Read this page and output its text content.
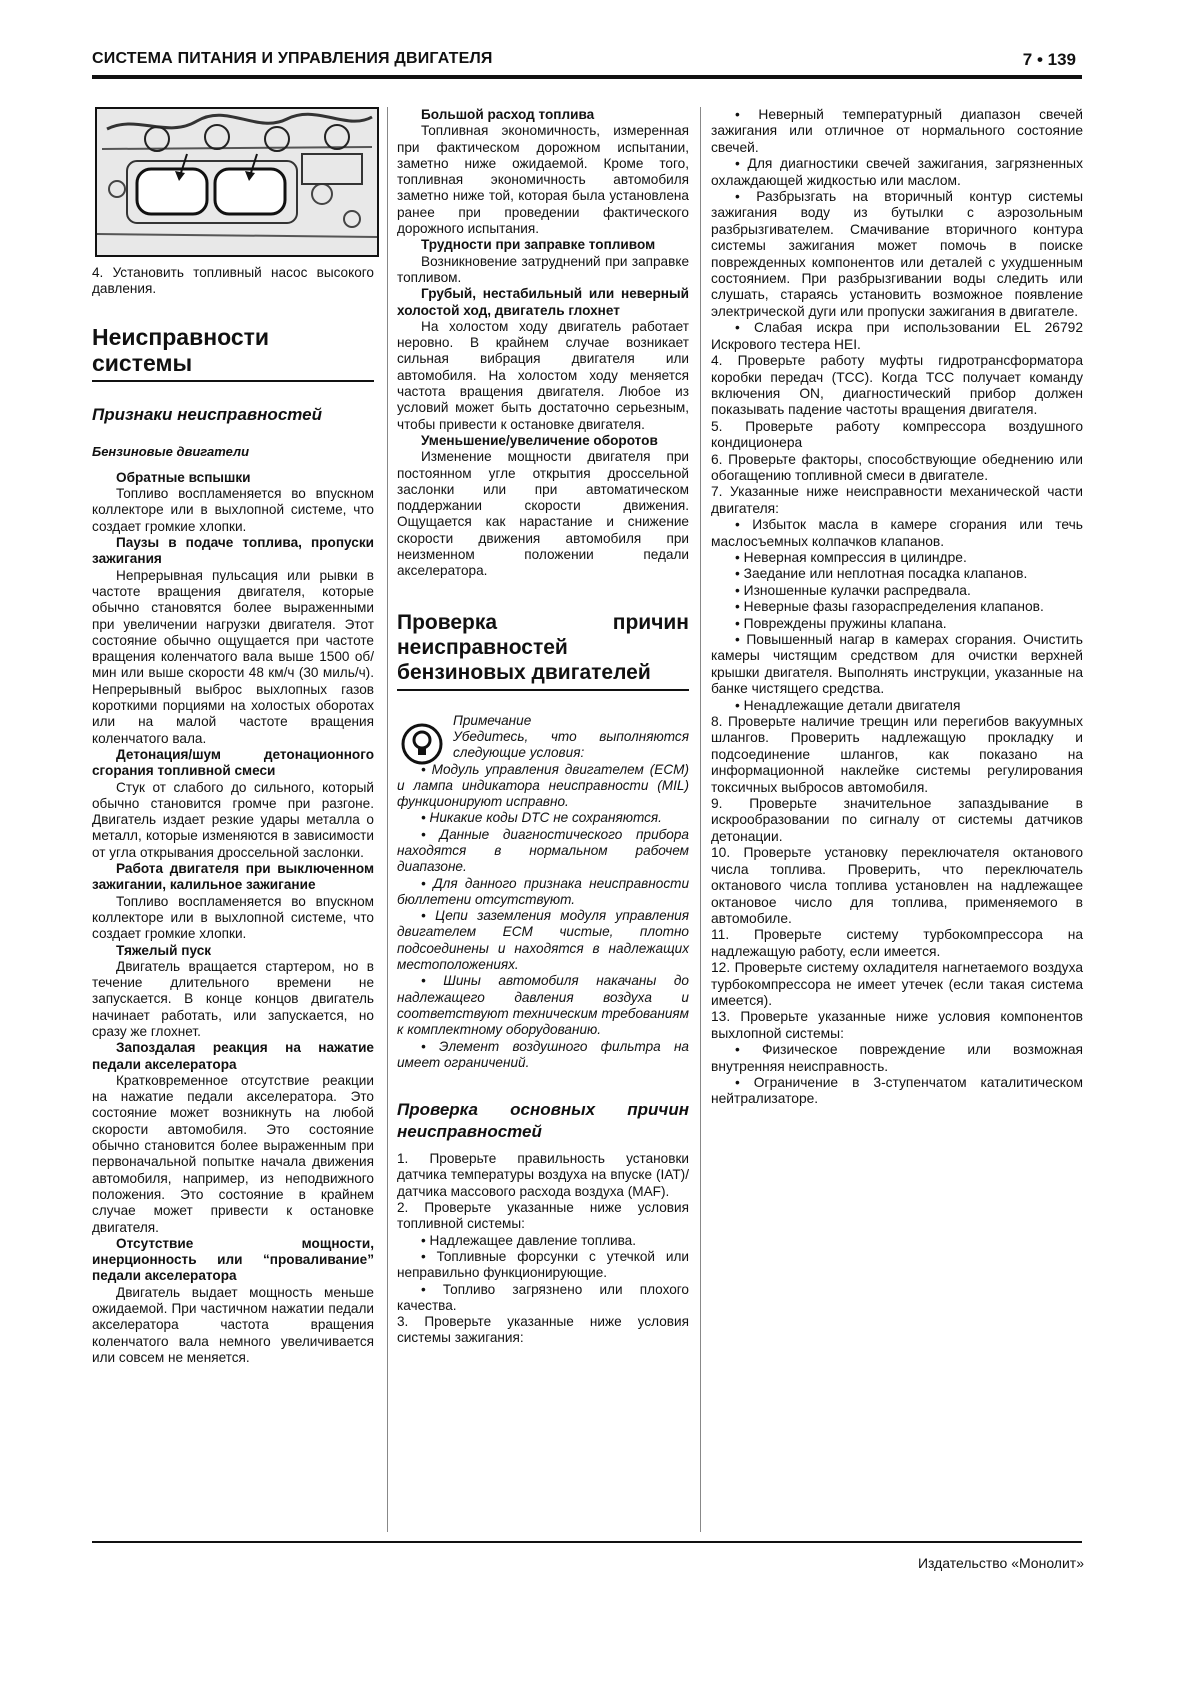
СИСТЕМА ПИТАНИЯ И УПРАВЛЕНИЯ ДВИГАТЕЛЯ	7 • 139

4. Установить топливный насос высокого давления.

Неисправности системы

Признаки неисправностей

Бензиновые двигатели

Обратные вспышки

Топливо воспламеняется во впускном коллекторе или в выхлопной системе, что создает громкие хлопки.

Паузы в подаче топлива, пропуски зажигания

Непрерывная пульсация или рывки в частоте вращения двигателя, которые обычно становятся более выраженными при увеличении нагрузки двигателя. Этот состояние обычно ощущается при частоте вращения коленчатого вала выше 1500 об/мин или выше скорости 48 км/ч (30 миль/ч). Непрерывный выброс выхлопных газов короткими порциями на холостых оборотах или на малой частоте вращения коленчатого вала.

Детонация/шум детонационного сгорания топливной смеси

Стук от слабого до сильного, который обычно становится громче при разгоне. Двигатель издает резкие удары металла о металл, которые изменяются в зависимости от угла открывания дроссельной заслонки.

Работа двигателя при выключенном зажигании, калильное зажигание

Топливо воспламеняется во впускном коллекторе или в выхлопной системе, что создает громкие хлопки.

Тяжелый пуск

Двигатель вращается стартером, но в течение длительного времени не запускается. В конце концов двигатель начинает работать, или запускается, но сразу же глохнет.

Запоздалая реакция на нажатие педали акселератора

Кратковременное отсутствие реакции на нажатие педали акселератора. Это состояние может возникнуть на любой скорости автомобиля. Это состояние обычно становится более выраженным при первоначальной попытке начала движения автомобиля, например, из неподвижного положения. Это состояние в крайнем случае может привести к остановке двигателя.

Отсутствие мощности, инерционность или “проваливание” педали акселератора

Двигатель выдает мощность меньше ожидаемой. При частичном нажатии педали акселератора частота вращения коленчатого вала немного увеличивается или совсем не меняется.

Большой расход топлива

Топливная экономичность, измеренная при фактическом дорожном испытании, заметно ниже ожидаемой. Кроме того, топливная экономичность автомобиля заметно ниже той, которая была установлена ранее при проведении фактического дорожного испытания.

Трудности при заправке топливом

Возникновение затруднений при заправке топливом.

Грубый, нестабильный или неверный холостой ход, двигатель глохнет

На холостом ходу двигатель работает неровно. В крайнем случае возникает сильная вибрация двигателя или автомобиля. На холостом ходу меняется частота вращения двигателя. Любое из условий может быть достаточно серьезным, чтобы привести к остановке двигателя.

Уменьшение/увеличение оборотов

Изменение мощности двигателя при постоянном угле открытия дроссельной заслонки или при автоматическом поддержании скорости движения. Ощущается как нарастание и снижение скорости движения автомобиля при неизменном положении педали акселератора.

Проверка причин неисправностей бензиновых двигателей

Примечание

Убедитесь, что выполняются следующие условия:

• Модуль управления двигателем (ECM) и лампа индикатора неисправности (MIL) функционируют исправно.

• Никакие коды DTC не сохраняются.

• Данные диагностического прибора находятся в нормальном рабочем диапазоне.

• Для данного признака неисправности бюллетени отсутствуют.

• Цепи заземления модуля управления двигателем ECM чистые, плотно подсоединены и находятся в надлежащих местоположениях.

• Шины автомобиля накачаны до надлежащего давления воздуха и соответствуют техническим требованиям к комплектному оборудованию.

• Элемент воздушного фильтра на имеет ограничений.

Проверка основных причин неисправностей

1. Проверьте правильность установки датчика температуры воздуха на впуске (IAT)/датчика массового расхода воздуха (MAF).

2. Проверьте указанные ниже условия топливной системы:

• Надлежащее давление топлива.

• Топливные форсунки с утечкой или неправильно функционирующие.

• Топливо загрязнено или плохого качества.

3. Проверьте указанные ниже условия системы зажигания:

• Неверный температурный диапазон свечей зажигания или отличное от нормального состояние свечей.

• Для диагностики свечей зажигания, загрязненных охлаждающей жидкостью или маслом.

• Разбрызгать на вторичный контур системы зажигания воду из бутылки с аэрозольным разбрызгивателем. Смачивание вторичного контура системы зажигания может помочь в поиске поврежденных компонентов или деталей с ухудшенным состоянием. При разбрызгивании воды следить или слушать, стараясь установить возможное появление электрической дуги или пропуски зажигания в двигателе.

• Слабая искра при использовании EL 26792 Искрового тестера HEI.

4. Проверьте работу муфты гидротрансформатора коробки передач (TCC). Когда TCC получает команду включения ON, диагностический прибор должен показывать падение частоты вращения двигателя.

5. Проверьте работу компрессора воздушного кондиционера

6. Проверьте факторы, способствующие обеднению или обогащению топливной смеси в двигателе.

7. Указанные ниже неисправности механической части двигателя:

• Избыток масла в камере сгорания или течь маслосъемных колпачков клапанов.

• Неверная компрессия в цилиндре.

• Заедание или неплотная посадка клапанов.

• Изношенные кулачки распредвала.

• Неверные фазы газораспределения клапанов.

• Повреждены пружины клапана.

• Повышенный нагар в камерах сгорания. Очистить камеры чистящим средством для очистки верхней крышки двигателя. Выполнять инструкции, указанные на банке чистящего средства.

• Ненадлежащие детали двигателя

8. Проверьте наличие трещин или перегибов вакуумных шлангов. Проверить надлежащую прокладку и подсоединение шлангов, как показано на информационной наклейке системы регулирования токсичных выбросов автомобиля.

9. Проверьте значительное запаздывание в искрообразовании по сигналу от системы датчиков детонации.

10. Проверьте установку переключателя октанового числа топлива. Проверить, что переключатель октанового числа топлива установлен на надлежащее октановое число для топлива, применяемого в автомобиле.

11. Проверьте систему турбокомпрессора на надлежащую работу, если имеется.

12. Проверьте систему охладителя нагнетаемого воздуха турбокомпрессора не имеет утечек (если такая система имеется).

13. Проверьте указанные ниже условия компонентов выхлопной системы:

• Физическое повреждение или возможная внутренняя неисправность.

• Ограничение в 3-ступенчатом каталитическом нейтрализаторе.

Издательство «Монолит»
